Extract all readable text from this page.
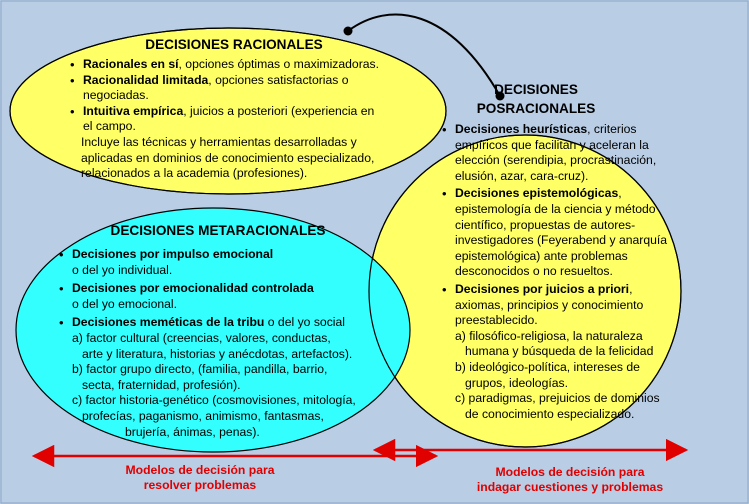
DECISIONES RACIONALES
• Racionales en sí, opciones óptimas o maximizadoras.
• Racionalidad limitada, opciones satisfactorias o
negociadas.
• Intuitiva empírica, juicios a posteriori (experiencia en
el campo.
Incluye las técnicas y herramientas desarrolladas y
aplicadas en dominios de conocimiento especializado,
relacionados a la academia (profesiones).
DECISIONES METARACIONALES
• Decisiones por impulso emocional
o del yo individual.
• Decisiones por emocionalidad controlada
o del yo emocional.
• Decisiones meméticas de la tribu o del yo social
a) factor cultural (creencias, valores, conductas,
arte y literatura, historias y anécdotas, artefactos).
b) factor grupo directo, (familia, pandilla, barrio,
secta, fraternidad, profesión).
c) factor historia-genético (cosmovisiones, mitología,
profecías, paganismo, animismo, fantasmas,
brujería, ánimas, penas).
DECISIONES
POSRACIONALES
• Decisiones heurísticas, criterios
empíricos que facilitan y aceleran la
elección (serendipia, procrastinación,
elusión, azar, cara-cruz).
• Decisiones epistemológicas,
epistemología de la ciencia y método
científico, propuestas de autores-
investigadores (Feyerabend y anarquía
epistemológica) ante problemas
desconocidos o no resueltos.
• Decisiones por juicios a priori,
axiomas, principios y conocimiento
preestablecido.
a) filosófico-religiosa, la naturaleza
humana y búsqueda de la felicidad
b) ideológico-política, intereses de
grupos, ideologías.
c) paradigmas, prejuicios de dominios
de conocimiento especializado.
Modelos de decisión para
resolver problemas
Modelos de decisión para
indagar cuestiones y problemas
